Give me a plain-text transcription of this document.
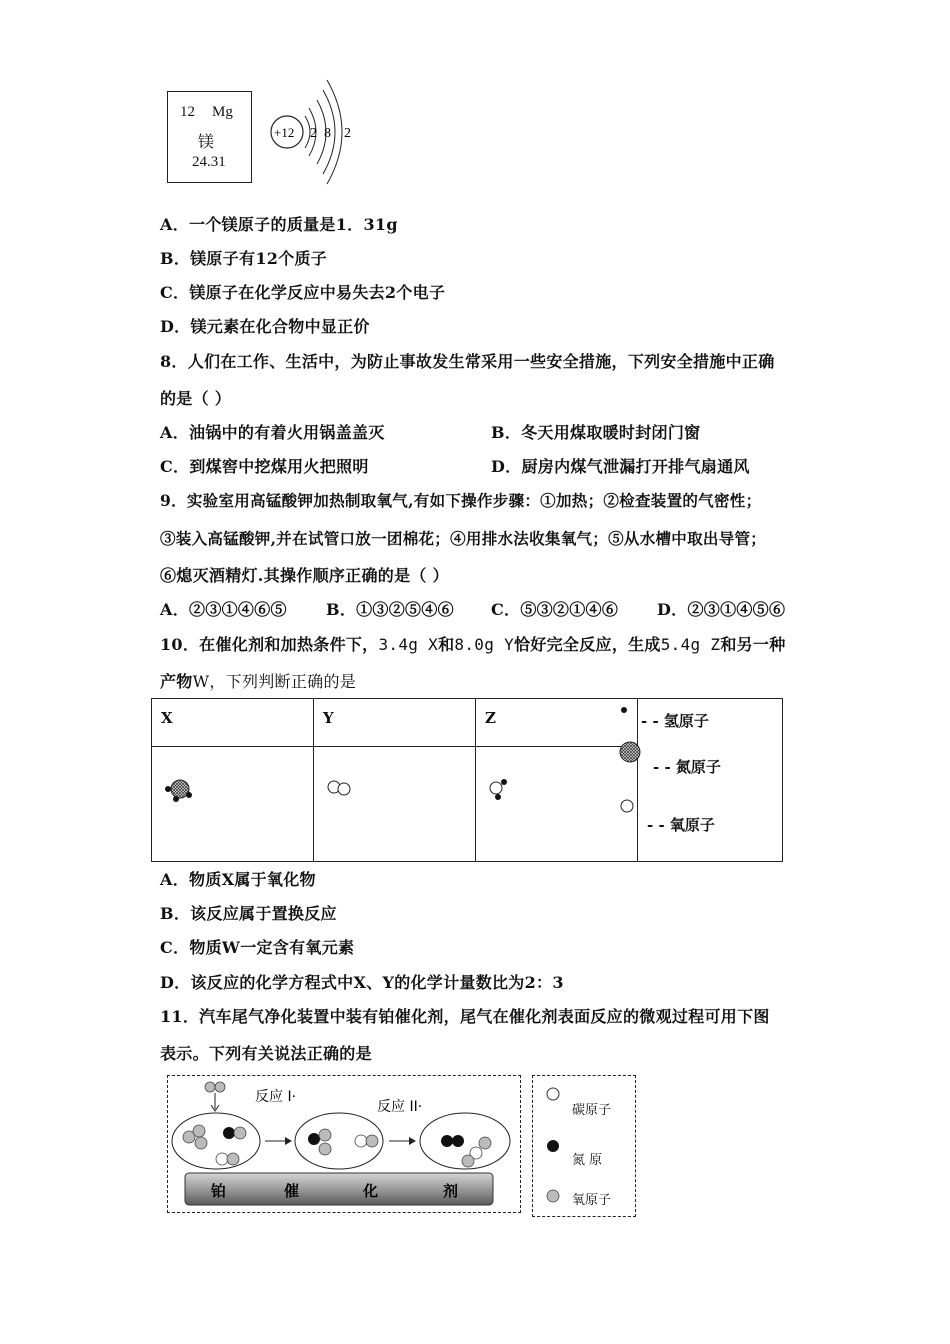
12 Mg
镁
24.31
+12 2 8 2
A．一个镁原子的质量是1．31g
B．镁原子有12个质子
C．镁原子在化学反应中易失去2个电子
D．镁元素在化合物中显正价
8．人们在工作、生活中，为防止事故发生常采用一些安全措施，下列安全措施中正确
的是（ ）
A．油锅中的有着火用锅盖盖灭	B．冬天用煤取暖时封闭门窗
C．到煤窖中挖煤用火把照明	D．厨房内煤气泄漏打开排气扇通风
9．实验室用高锰酸钾加热制取氧气,有如下操作步骤：①加热；②检查装置的气密性；
③装入高锰酸钾,并在试管口放一团棉花；④用排水法收集氧气；⑤从水槽中取出导管；
⑥熄灭酒精灯.其操作顺序正确的是（ ）
A．②③①④⑥⑤ B．①③②⑤④⑥ C．⑤③②①④⑥ D．②③①④⑤⑥
10．在催化剂和加热条件下，3.4g X和8.0g Y恰好完全反应，生成5.4g Z和另一种
产物W，下列判断正确的是
X	Y	Z	

		- - 氢原子
- - 氮原子
- - 氧原子
A．物质X属于氧化物
B．该反应属于置换反应
C．物质W一定含有氧元素
D．该反应的化学方程式中X、Y的化学计量数比为2：3
11．汽车尾气净化装置中装有铂催化剂，尾气在催化剂表面反应的微观过程可用下图
表示。下列有关说法正确的是
反应 I·
反应 II·
铂	催	化	剂
碳原子
氮 原
氧原子
